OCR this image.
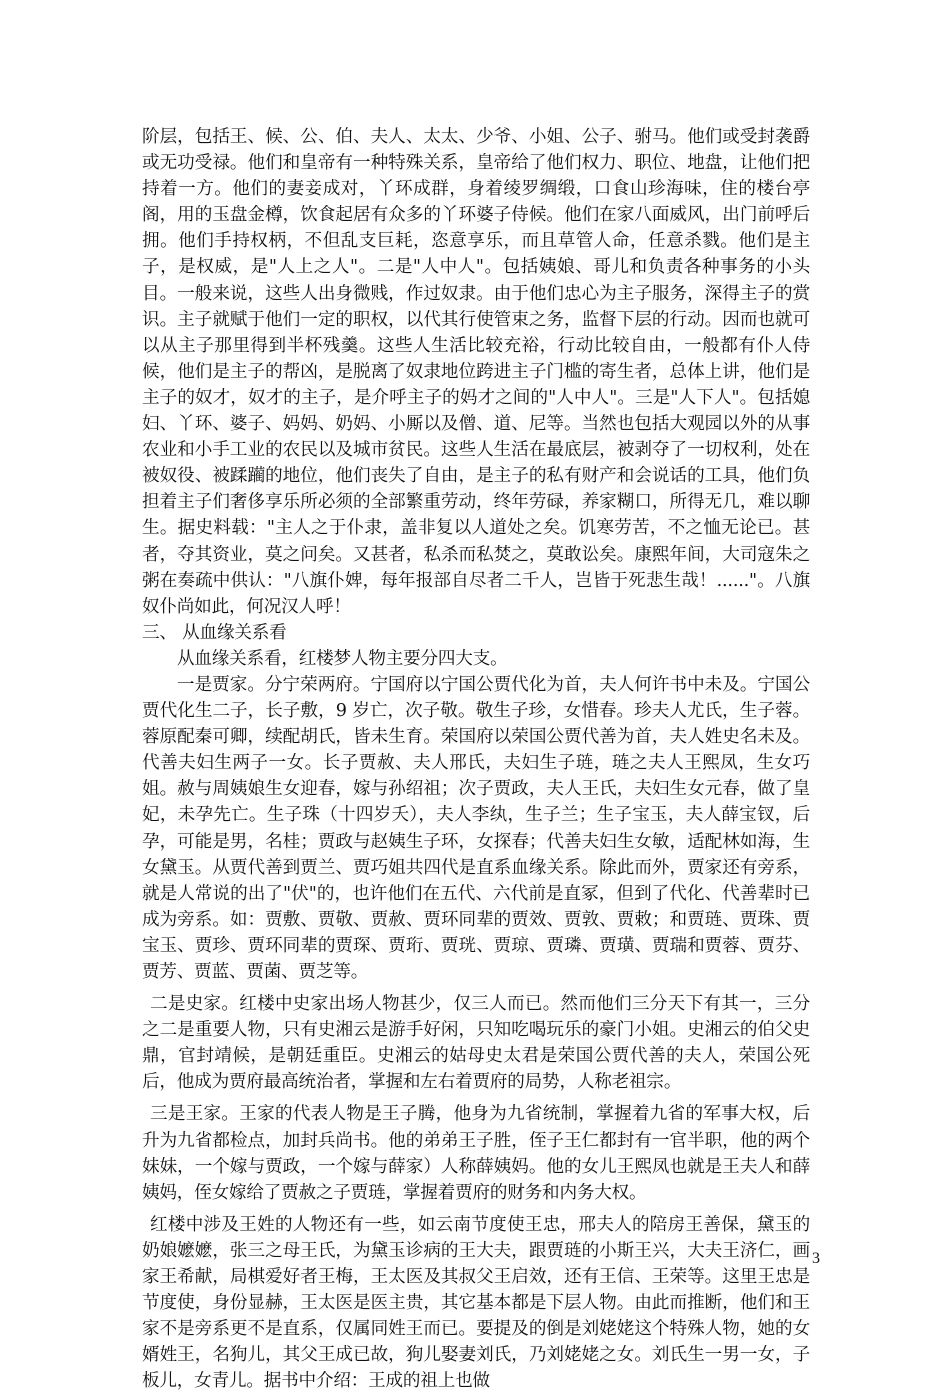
阶层，包括王、候、公、伯、夫人、太太、少爷、小姐、公子、驸马。他们或受封袭爵或无功受禄。他们和皇帝有一种特殊关系，皇帝给了他们权力、职位、地盘，让他们把持着一方。他们的妻妾成对，丫环成群，身着绫罗绸缎，口食山珍海味，住的楼台亭阁，用的玉盘金樽，饮食起居有众多的丫环婆子侍候。他们在家八面威风，出门前呼后拥。他们手持权柄，不但乱支巨耗，恣意享乐，而且草管人命，任意杀戮。他们是主子，是权威，是"人上之人"。二是"人中人"。包括姨娘、哥儿和负责各种事务的小头目。一般来说，这些人出身微贱，作过奴隶。由于他们忠心为主子服务，深得主子的赏识。主子就赋于他们一定的职权，以代其行使管束之务，监督下层的行动。因而也就可以从主子那里得到半杯残羹。这些人生活比较充裕，行动比较自由，一般都有仆人侍候，他们是主子的帮凶，是脱离了奴隶地位跨进主子门槛的寄生者，总体上讲，他们是主子的奴才，奴才的主子，是介呼主子的妈才之间的"人中人"。三是"人下人"。包括媳妇、丫环、婆子、妈妈、奶妈、小厮以及僧、道、尼等。当然也包括大观园以外的从事农业和小手工业的农民以及城市贫民。这些人生活在最底层，被剥夺了一切权利，处在被奴役、被蹂躏的地位，他们丧失了自由，是主子的私有财产和会说话的工具，他们负担着主子们奢侈享乐所必须的全部繁重劳动，终年劳碌，养家糊口，所得无几，难以聊生。据史料载："主人之于仆隶，盖非复以人道处之矣。饥寒劳苦，不之恤无论已。甚者，夺其资业，莫之问矣。又甚者，私杀而私焚之，莫敢讼矣。康熙年间，大司寇朱之粥在奏疏中供认："八旗仆婢，每年报部自尽者二千人，岂皆于死悲生哉！......"。八旗奴仆尚如此，何况汉人呼！

三、 从血缘关系看

从血缘关系看，红楼梦人物主要分四大支。

一是贾家。分宁荣两府。宁国府以宁国公贾代化为首，夫人何许书中未及。宁国公贾代化生二子，长子敷，9 岁亡，次子敬。敬生子珍，女惜春。珍夫人尤氏，生子蓉。蓉原配秦可卿，续配胡氏，皆未生育。荣国府以荣国公贾代善为首，夫人姓史名未及。代善夫妇生两子一女。长子贾赦、夫人邢氏，夫妇生子琏，琏之夫人王熙凤，生女巧姐。赦与周姨娘生女迎春，嫁与孙绍祖；次子贾政，夫人王氏，夫妇生女元春，做了皇妃，未孕先亡。生子珠（十四岁夭），夫人李纨，生子兰；生子宝玉，夫人薛宝钗，后孕，可能是男，名桂；贾政与赵姨生子环，女探春；代善夫妇生女敏，适配林如海，生女黛玉。从贾代善到贾兰、贾巧姐共四代是直系血缘关系。除此而外，贾家还有旁系，就是人常说的出了"伏"的，也许他们在五代、六代前是直冢，但到了代化、代善辈时已成为旁系。如：贾敷、贾敬、贾赦、贾环同辈的贾效、贾敦、贾敕；和贾琏、贾珠、贾宝玉、贾珍、贾环同辈的贾琛、贾珩、贾珖、贾琼、贾璘、贾璜、贾瑞和贾蓉、贾芬、贾芳、贾蓝、贾菌、贾芝等。

二是史家。红楼中史家出场人物甚少，仅三人而已。然而他们三分天下有其一，三分之二是重要人物，只有史湘云是游手好闲，只知吃喝玩乐的豪门小姐。史湘云的伯父史鼎，官封靖候，是朝廷重臣。史湘云的姑母史太君是荣国公贾代善的夫人，荣国公死后，他成为贾府最高统治者，掌握和左右着贾府的局势，人称老祖宗。

三是王家。王家的代表人物是王子腾，他身为九省统制，掌握着九省的军事大权，后升为九省都检点，加封兵尚书。他的弟弟王子胜，侄子王仁都封有一官半职，他的两个妹妹，一个嫁与贾政，一个嫁与薛家）人称薛姨妈。他的女儿王熙凤也就是王夫人和薛姨妈，侄女嫁给了贾赦之子贾琏，掌握着贾府的财务和内务大权。

红楼中涉及王姓的人物还有一些，如云南节度使王忠，邢夫人的陪房王善保，黛玉的奶娘嬷嬷，张三之母王氏，为黛玉诊病的王大夫，跟贾琏的小斯王兴，大夫王济仁，画家王希献，局棋爱好者王梅，王太医及其叔父王启效，还有王信、王荣等。这里王忠是节度使，身份显赫，王太医是医主贵，其它基本都是下层人物。由此而推断，他们和王家不是旁系更不是直系，仅属同姓王而已。要提及的倒是刘姥姥这个特殊人物，她的女婿姓王，名狗儿，其父王成已故，狗儿娶妻刘氏，乃刘姥姥之女。刘氏生一男一女，子板儿，女青儿。据书中介绍：王成的祖上也做

3
